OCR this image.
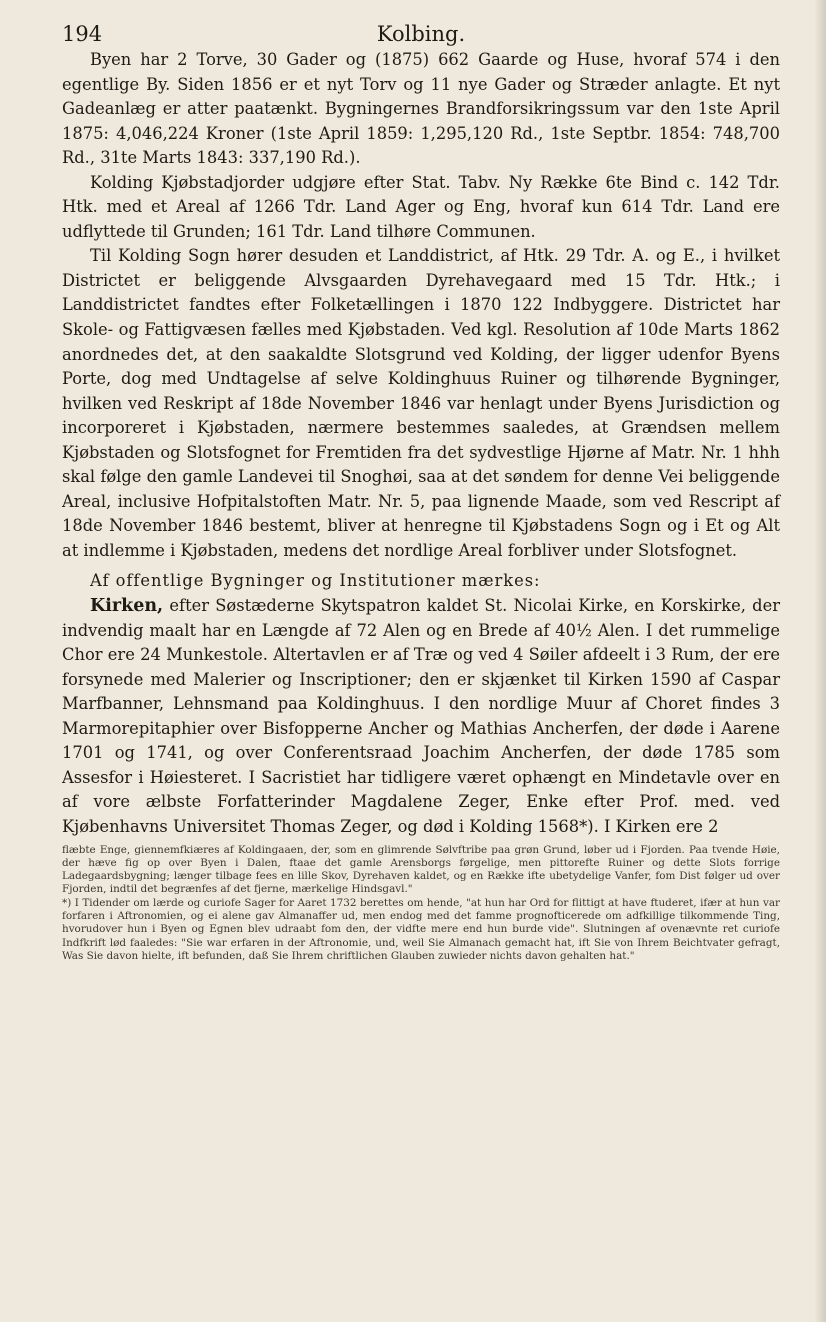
194	Kolbing.

Byen har 2 Torve, 30 Gader og (1875) 662 Gaarde og Huse, hvoraf 574 i den egentlige By. Siden 1856 er et nyt Torv og 11 nye Gader og Stræder anlagte. Et nyt Gadeanlæg er atter paatænkt. Bygningernes Brandforsikringssum var den 1ste April 1875: 4,046,224 Kroner (1ste April 1859: 1,295,120 Rd., 1ste Septbr. 1854: 748,700 Rd., 31te Marts 1843: 337,190 Rd.).

Kolding Kjøbstadjorder udgjøre efter Stat. Tabv. Ny Række 6te Bind c. 142 Tdr. Htk. med et Areal af 1266 Tdr. Land Ager og Eng, hvoraf kun 614 Tdr. Land ere udflyttede til Grunden; 161 Tdr. Land tilhøre Communen.

Til Kolding Sogn hører desuden et Landdistrict, af Htk. 29 Tdr. A. og E., i hvilket Districtet er beliggende Alvsgaarden Dyrehavegaard med 15 Tdr. Htk.; i Landdistrictet fandtes efter Folketællingen i 1870 122 Indbyggere. Districtet har Skole- og Fattigvæsen fælles med Kjøbstaden. Ved kgl. Resolution af 10de Marts 1862 anordnedes det, at den saakaldte Slotsgrund ved Kolding, der ligger udenfor Byens Porte, dog med Undtagelse af selve Koldinghuus Ruiner og tilhørende Bygninger, hvilken ved Reskript af 18de November 1846 var henlagt under Byens Jurisdiction og incorporeret i Kjøbstaden, nærmere bestemmes saaledes, at Grændsen mellem Kjøbstaden og Slotsfognet for Fremtiden fra det sydvestlige Hjørne af Matr. Nr. 1 hhh skal følge den gamle Landevei til Snoghøi, saa at det søndem for denne Vei beliggende Areal, inclusive Hofpitalstoften Matr. Nr. 5, paa lignende Maade, som ved Rescript af 18de November 1846 bestemt, bliver at henregne til Kjøbstadens Sogn og i Et og Alt at indlemme i Kjøbstaden, medens det nordlige Areal forbliver under Slotsfognet.

Af offentlige Bygninger og Institutioner mærkes:

Kirken, efter Søstæderne Skytspatron kaldet St. Nicolai Kirke, en Korskirke, der indvendig maalt har en Længde af 72 Alen og en Brede af 40½ Alen. I det rummelige Chor ere 24 Munkestole. Altertavlen er af Træ og ved 4 Søiler afdeelt i 3 Rum, der ere forsynede med Malerier og Inscriptioner; den er skjænket til Kirken 1590 af Caspar Marfbanner, Lehnsmand paa Koldinghuus. I den nordlige Muur af Choret findes 3 Marmorepitaphier over Bisfopperne Ancher og Mathias Ancherfen, der døde i Aarene 1701 og 1741, og over Conferentsraad Joachim Ancherfen, der døde 1785 som Assesfor i Høiesteret. I Sacristiet har tidligere været ophængt en Mindetavle over en af vore ælbste Forfatterinder Magdalene Zeger, Enke efter Prof. med. ved Kjøbenhavns Universitet Thomas Zeger, og død i Kolding 1568*). I Kirken ere 2

flæbte Enge, giennemfkiæres af Koldingaaen, der, som en glimrende Sølvftribe paa grøn Grund, løber ud i Fjorden. Paa tvende Høie, der hæve fig op over Byen i Dalen, ftaae det gamle Arensborgs førgelige, men pittorefte Ruiner og dette Slots forrige Ladegaardsbygning; længer tilbage fees en lille Skov, Dyrehaven kaldet, og en Række ifte ubetydelige Vanfer, fom Dist følger ud over Fjorden, indtil det begrænfes af det fjerne, mærkelige Hindsgavl."

*) I Tidender om lærde og curiofe Sager for Aaret 1732 berettes om hende, "at hun har Ord for flittigt at have ftuderet, ifær at hun var forfaren i Aftronomien, og ei alene gav Almanaffer ud, men endog med det famme prognofticerede om adfkillige tilkommende Ting, hvorudover hun i Byen og Egnen blev udraabt fom den, der vidfte mere end hun burde vide". Slutningen af ovenævnte ret curiofe Indfkrift lød faaledes: "Sie war erfaren in der Aftronomie, und, weil Sie Almanach gemacht hat, ift Sie von Ihrem Beichtvater gefragt, Was Sie davon hielte, ift befunden, daß Sie Ihrem chriftlichen Glauben zuwieder nichts davon gehalten hat."
